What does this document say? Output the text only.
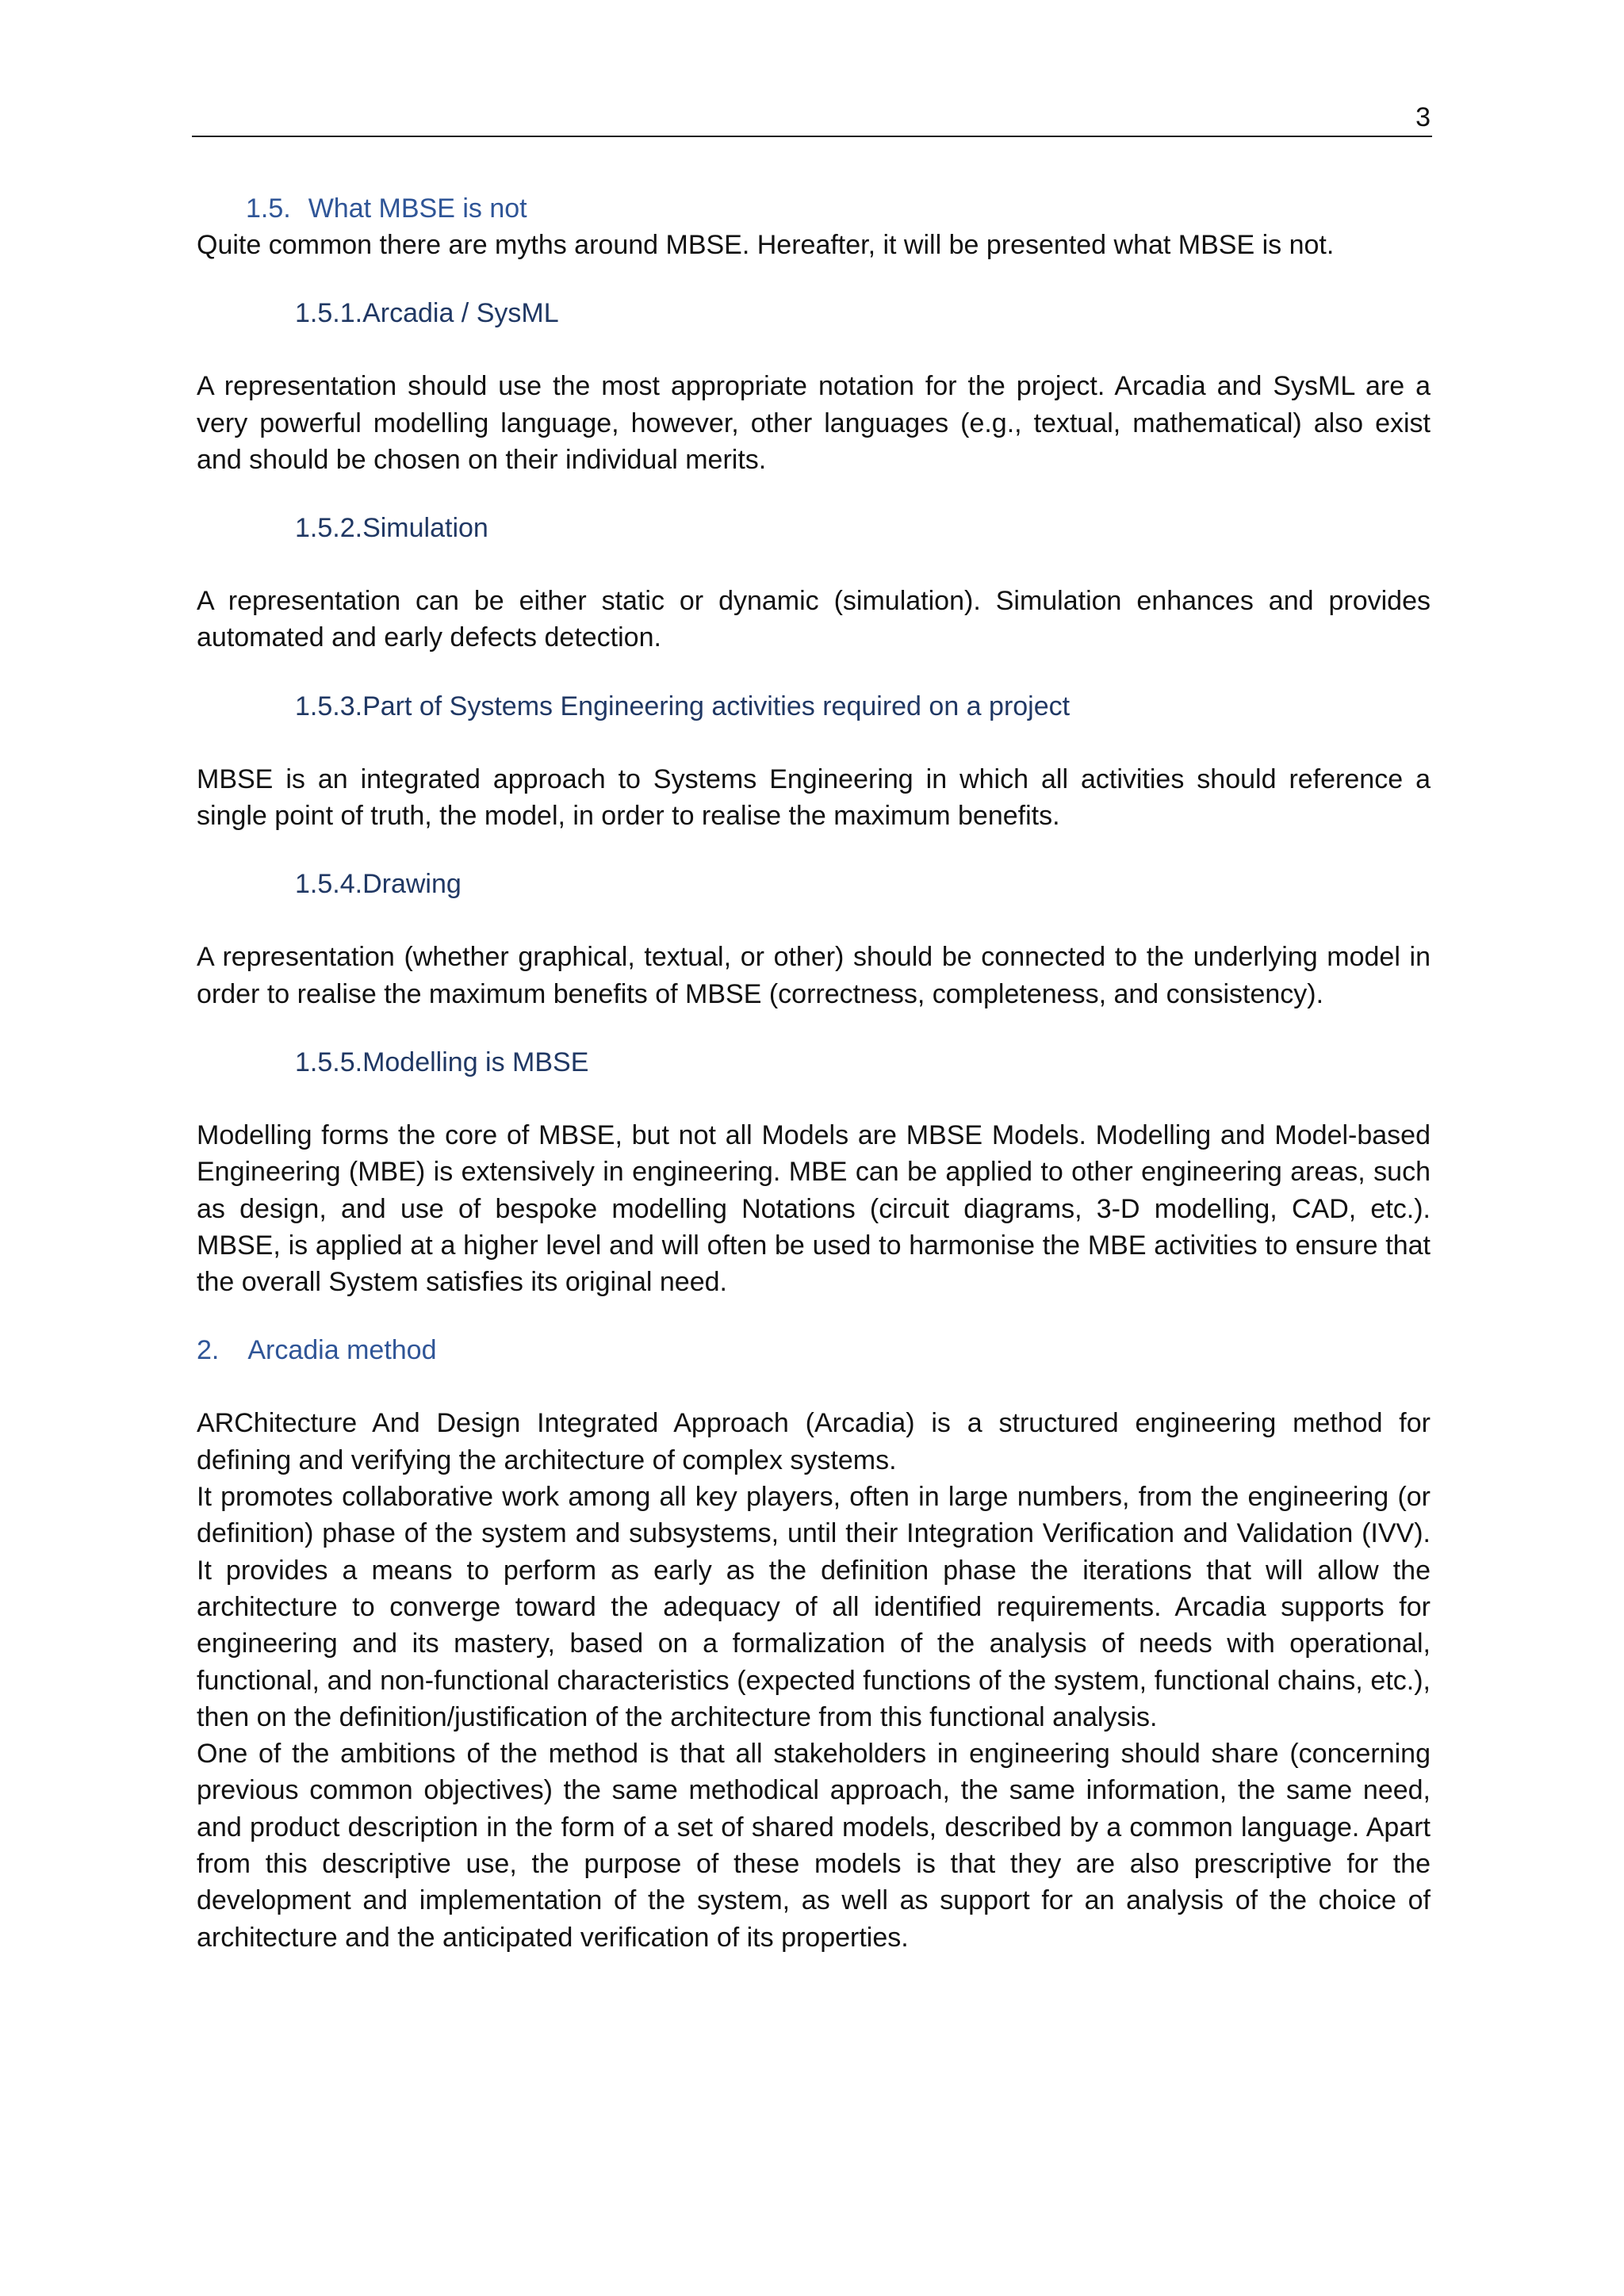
3
1.5. What MBSE is not

Quite common there are myths around MBSE. Hereafter, it will be presented what MBSE is not.

1.5.1.Arcadia / SysML

A representation should use the most appropriate notation for the project. Arcadia and SysML are a very powerful modelling language, however, other languages (e.g., textual, mathematical) also exist and should be chosen on their individual merits.

1.5.2.Simulation

A representation can be either static or dynamic (simulation). Simulation enhances and provides automated and early defects detection.

1.5.3.Part of Systems Engineering activities required on a project

MBSE is an integrated approach to Systems Engineering in which all activities should reference a single point of truth, the model, in order to realise the maximum benefits.

1.5.4.Drawing

A representation (whether graphical, textual, or other) should be connected to the underlying model in order to realise the maximum benefits of MBSE (correctness, completeness, and consistency).

1.5.5.Modelling is MBSE

Modelling forms the core of MBSE, but not all Models are MBSE Models. Modelling and Model-based Engineering (MBE) is extensively in engineering. MBE can be applied to other engineering areas, such as design, and use of bespoke modelling Notations (circuit diagrams, 3-D modelling, CAD, etc.). MBSE, is applied at a higher level and will often be used to harmonise the MBE activities to ensure that the overall System satisfies its original need.

2. Arcadia method

ARChitecture And Design Integrated Approach (Arcadia) is a structured engineering method for defining and verifying the architecture of complex systems.

It promotes collaborative work among all key players, often in large numbers, from the engineering (or definition) phase of the system and subsystems, until their Integration Verification and Validation (IVV). It provides a means to perform as early as the definition phase the iterations that will allow the architecture to converge toward the adequacy of all identified requirements. Arcadia supports for engineering and its mastery, based on a formalization of the analysis of needs with operational, functional, and non-functional characteristics (expected functions of the system, functional chains, etc.), then on the definition/justification of the architecture from this functional analysis.

One of the ambitions of the method is that all stakeholders in engineering should share (concerning previous common objectives) the same methodical approach, the same information, the same need, and product description in the form of a set of shared models, described by a common language. Apart from this descriptive use, the purpose of these models is that they are also prescriptive for the development and implementation of the system, as well as support for an analysis of the choice of architecture and the anticipated verification of its properties.
